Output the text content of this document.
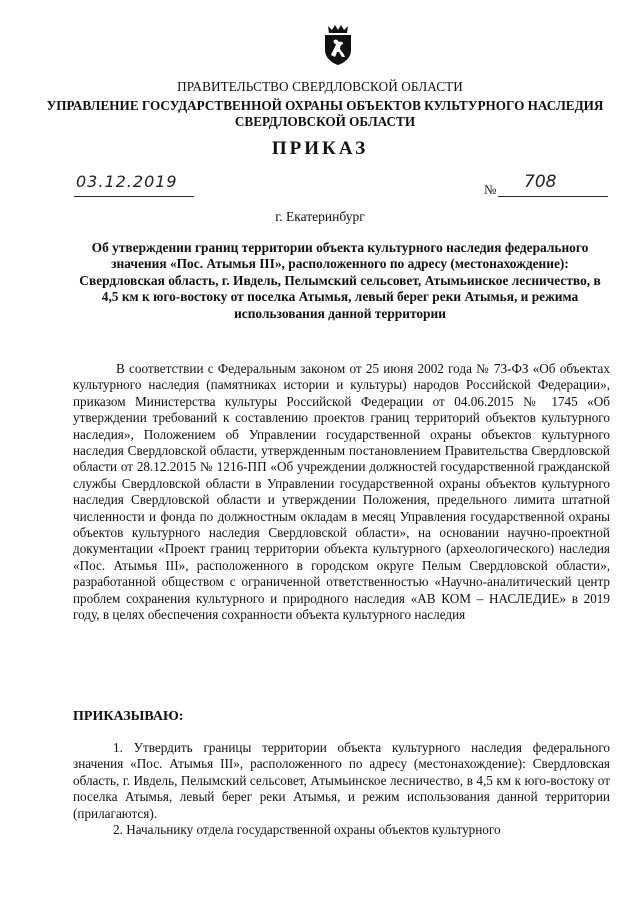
ПРАВИТЕЛЬСТВО СВЕРДЛОВСКОЙ ОБЛАСТИ
УПРАВЛЕНИЕ ГОСУДАРСТВЕННОЙ ОХРАНЫ ОБЪЕКТОВ КУЛЬТУРНОГО НАСЛЕДИЯ СВЕРДЛОВСКОЙ ОБЛАСТИ
ПРИКАЗ
03.12.2019	№ 708
г. Екатеринбург
Об утверждении границ территории объекта культурного наследия федерального значения «Пос. Атымья III», расположенного по адресу (местонахождение): Свердловская область, г. Ивдель, Пелымский сельсовет, Атымьинское лесничество, в 4,5 км к юго-востоку от поселка Атымья, левый берег реки Атымья, и режима использования данной территории

В соответствии с Федеральным законом от 25 июня 2002 года № 73-ФЗ «Об объектах культурного наследия (памятниках истории и культуры) народов Российской Федерации», приказом Министерства культуры Российской Федерации от 04.06.2015 № 1745 «Об утверждении требований к составлению проектов границ территорий объектов культурного наследия», Положением об Управлении государственной охраны объектов культурного наследия Свердловской области, утвержденным постановлением Правительства Свердловской области от 28.12.2015 № 1216-ПП «Об учреждении должностей государственной гражданской службы Свердловской области в Управлении государственной охраны объектов культурного наследия Свердловской области и утверждении Положения, предельного лимита штатной численности и фонда по должностным окладам в месяц Управления государственной охраны объектов культурного наследия Свердловской области», на основании научно-проектной документации «Проект границ территории объекта культурного (археологического) наследия «Пос. Атымья III», расположенного в городском округе Пелым Свердловской области», разработанной обществом с ограниченной ответственностью «Научно-аналитический центр проблем сохранения культурного и природного наследия «АВ КОМ – НАСЛЕДИЕ» в 2019 году, в целях обеспечения сохранности объекта культурного наследия

ПРИКАЗЫВАЮ:

1. Утвердить границы территории объекта культурного наследия федерального значения «Пос. Атымья III», расположенного по адресу (местонахождение): Свердловская область, г. Ивдель, Пелымский сельсовет, Атымьинское лесничество, в 4,5 км к юго-востоку от поселка Атымья, левый берег реки Атымья, и режим использования данной территории (прилагаются).

2. Начальнику отдела государственной охраны объектов культурного
